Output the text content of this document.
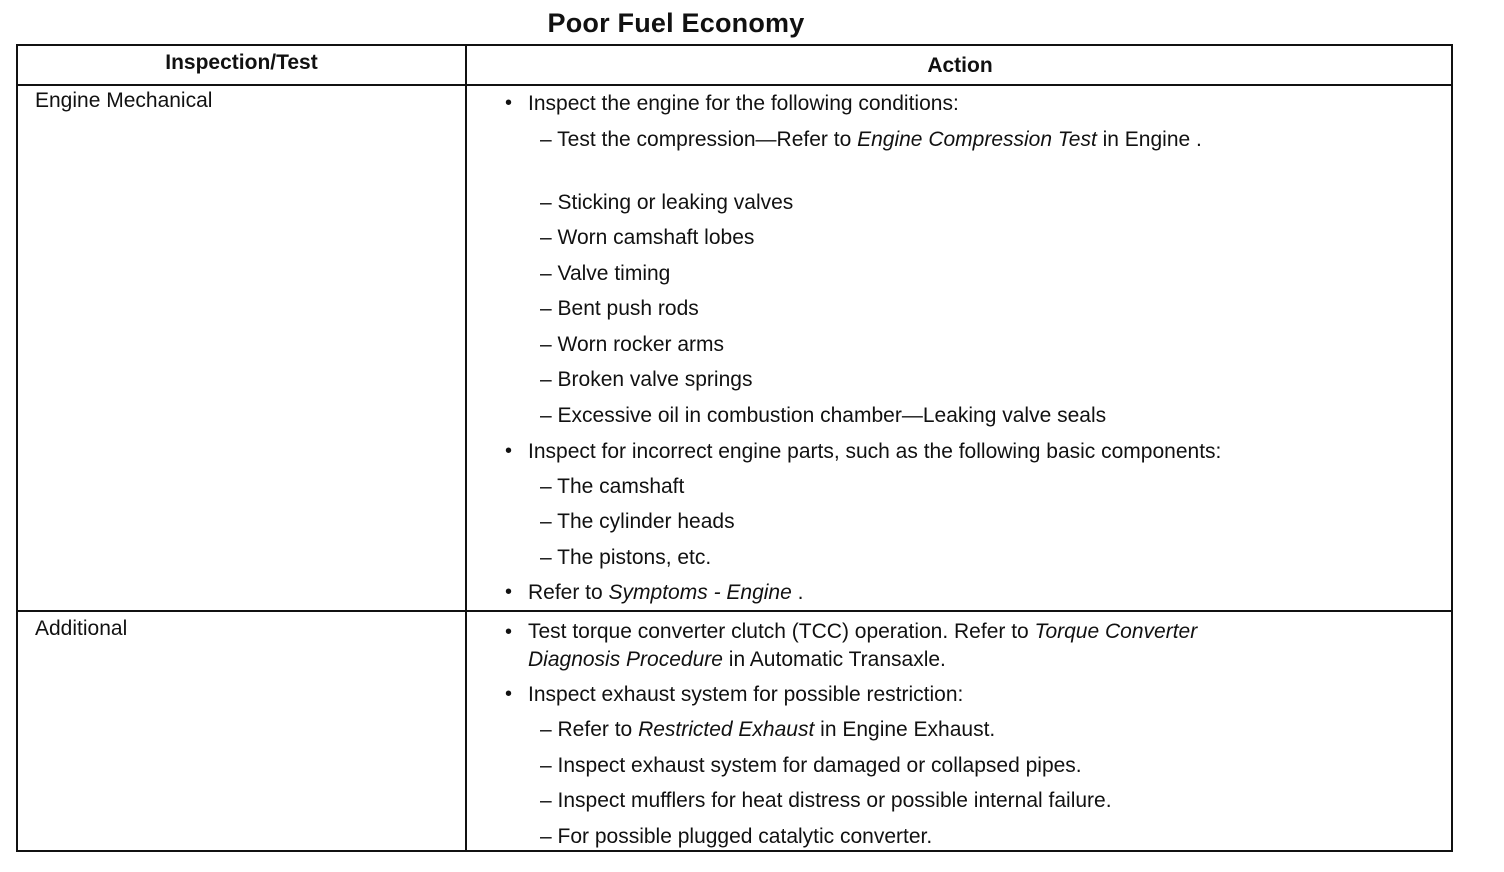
Poor Fuel Economy
Inspection/Test	Action
Engine Mechanical	• Inspect the engine for the following conditions:
– Test the compression—Refer to Engine Compression Test in Engine .
– Sticking or leaking valves
– Worn camshaft lobes
– Valve timing
– Bent push rods
– Worn rocker arms
– Broken valve springs
– Excessive oil in combustion chamber—Leaking valve seals
• Inspect for incorrect engine parts, such as the following basic components:
– The camshaft
– The cylinder heads
– The pistons, etc.
• Refer to Symptoms - Engine .
Additional	• Test torque converter clutch (TCC) operation. Refer to Torque Converter
Diagnosis Procedure in Automatic Transaxle.
• Inspect exhaust system for possible restriction:
– Refer to Restricted Exhaust in Engine Exhaust.
– Inspect exhaust system for damaged or collapsed pipes.
– Inspect mufflers for heat distress or possible internal failure.
– For possible plugged catalytic converter.
